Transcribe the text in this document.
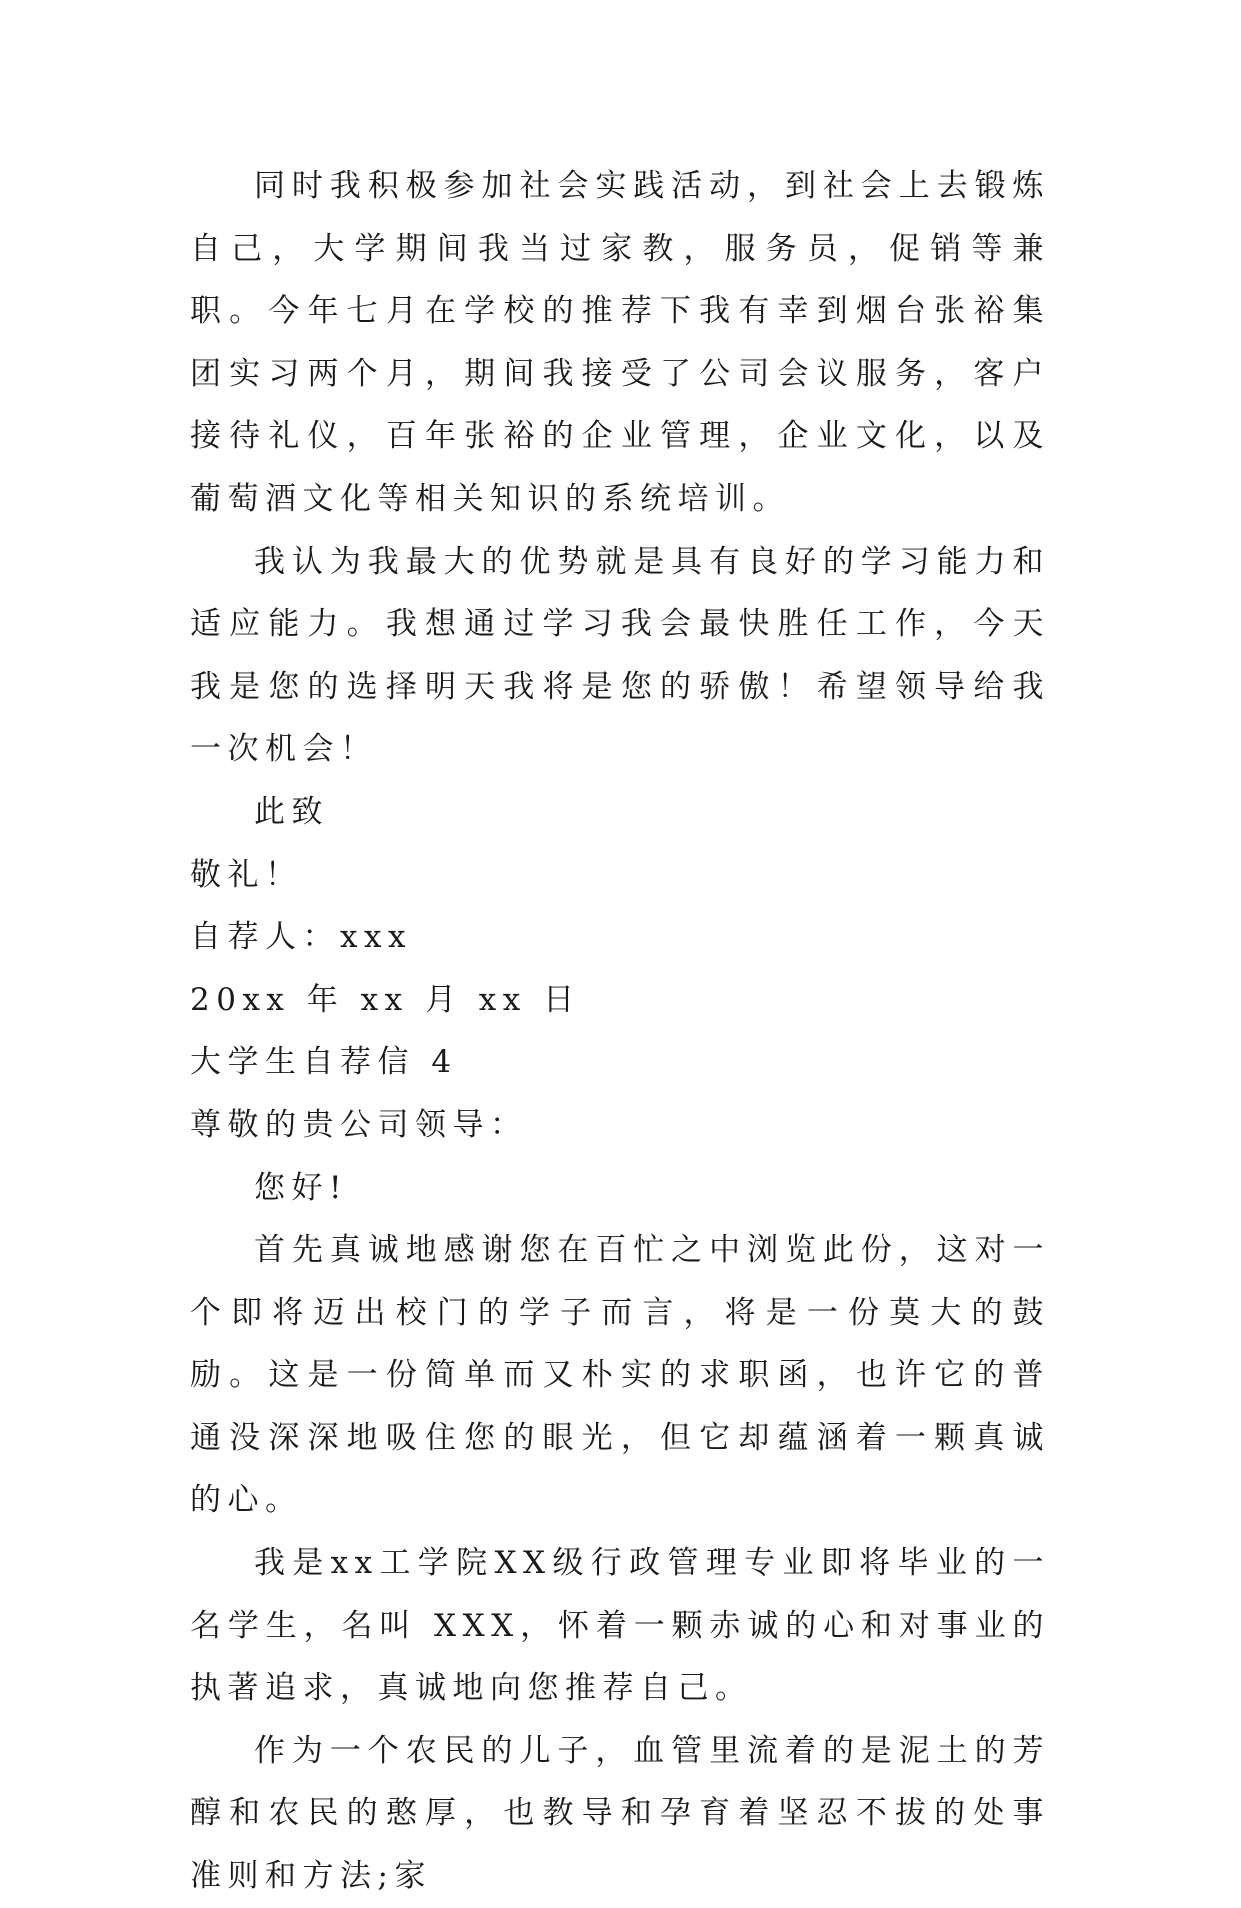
同时我积极参加社会实践活动，到社会上去锻炼自己，大学期间我当过家教，服务员，促销等兼职。今年七月在学校的推荐下我有幸到烟台张裕集团实习两个月，期间我接受了公司会议服务，客户接待礼仪，百年张裕的企业管理，企业文化，以及葡萄酒文化等相关知识的系统培训。

我认为我最大的优势就是具有良好的学习能力和适应能力。我想通过学习我会最快胜任工作，今天我是您的选择明天我将是您的骄傲！希望领导给我一次机会！

此致

敬礼！

自荐人：xxx

20xx 年 xx 月 xx 日

大学生自荐信 4

尊敬的贵公司领导：

您好!

首先真诚地感谢您在百忙之中浏览此份，这对一个即将迈出校门的学子而言，将是一份莫大的鼓励。这是一份简单而又朴实的求职函，也许它的普通没深深地吸住您的眼光，但它却蕴涵着一颗真诚的心。

我是xx工学院XX级行政管理专业即将毕业的一名学生，名叫 XXX，怀着一颗赤诚的心和对事业的执著追求，真诚地向您推荐自己。

作为一个农民的儿子，血管里流着的是泥土的芳醇和农民的憨厚，也教导和孕育着坚忍不拔的处事准则和方法;家
